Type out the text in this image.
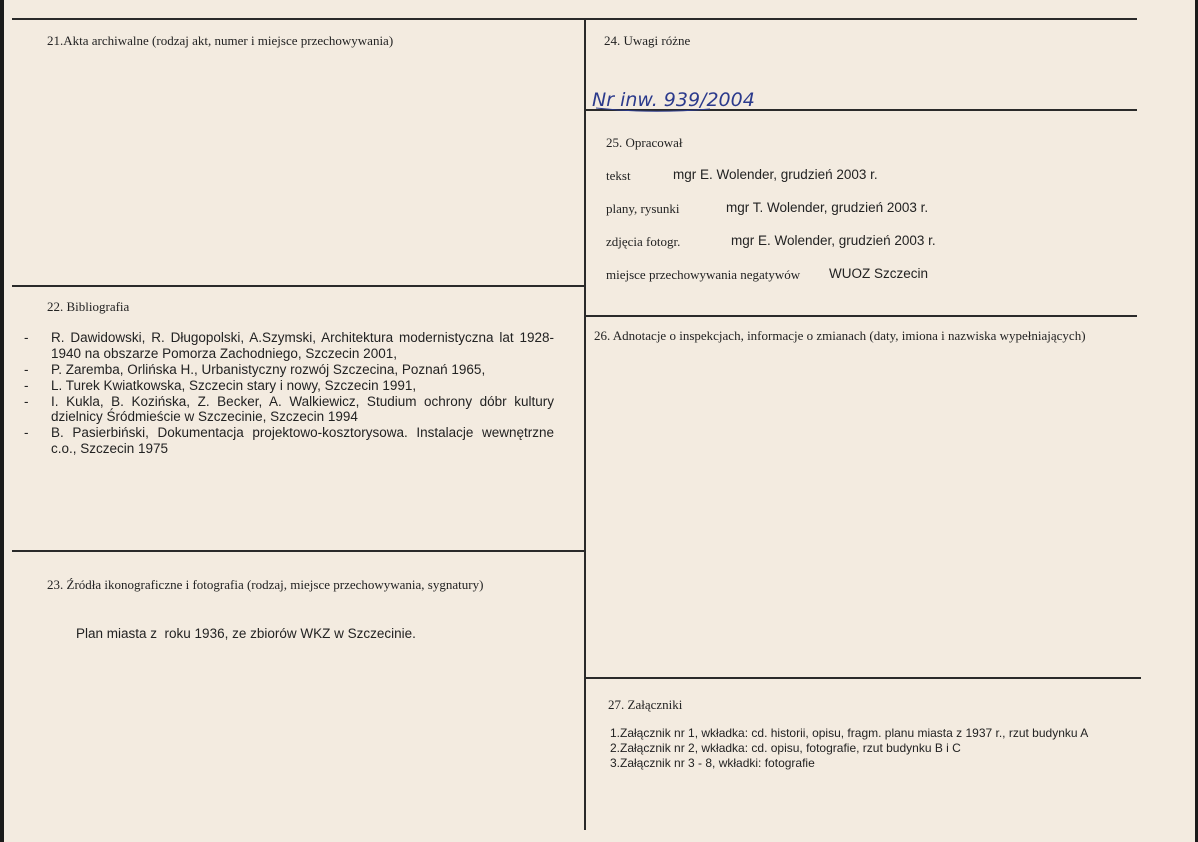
21.Akta archiwalne (rodzaj akt, numer i miejsce przechowywania)	24. Uwagi różne
Nr inw. 939/2004
25. Opracował
tekst	mgr E. Wolender, grudzień 2003 r.
plany, rysunki	mgr T. Wolender, grudzień 2003 r.
zdjęcia fotogr.	mgr E. Wolender, grudzień 2003 r.
miejsce przechowywania negatywów WUOZ Szczecin
22. Bibliografia
- R. Dawidowski, R. Długopolski, A.Szymski, Architektura modernistyczna lat 1928-1940 na obszarze Pomorza Zachodniego, Szczecin 2001,
- P. Zaremba, Orlińska H., Urbanistyczny rozwój Szczecina, Poznań 1965,
- L. Turek Kwiatkowska, Szczecin stary i nowy, Szczecin 1991,
- I. Kukla, B. Kozińska, Z. Becker, A. Walkiewicz, Studium ochrony dóbr kultury dzielnicy Śródmieście w Szczecinie, Szczecin 1994
- B. Pasierbiński, Dokumentacja projektowo-kosztorysowa. Instalacje wewnętrzne c.o., Szczecin 1975
26. Adnotacje o inspekcjach, informacje o zmianach (daty, imiona i nazwiska wypełniających)
23. Źródła ikonograficzne i fotografia (rodzaj, miejsce przechowywania, sygnatury)
Plan miasta z  roku 1936, ze zbiorów WKZ w Szczecinie.
27. Załączniki
1.Załącznik nr 1, wkładka: cd. historii, opisu, fragm. planu miasta z 1937 r., rzut budynku A
2.Załącznik nr 2, wkładka: cd. opisu, fotografie, rzut budynku B i C
3.Załącznik nr 3 - 8, wkładki: fotografie
